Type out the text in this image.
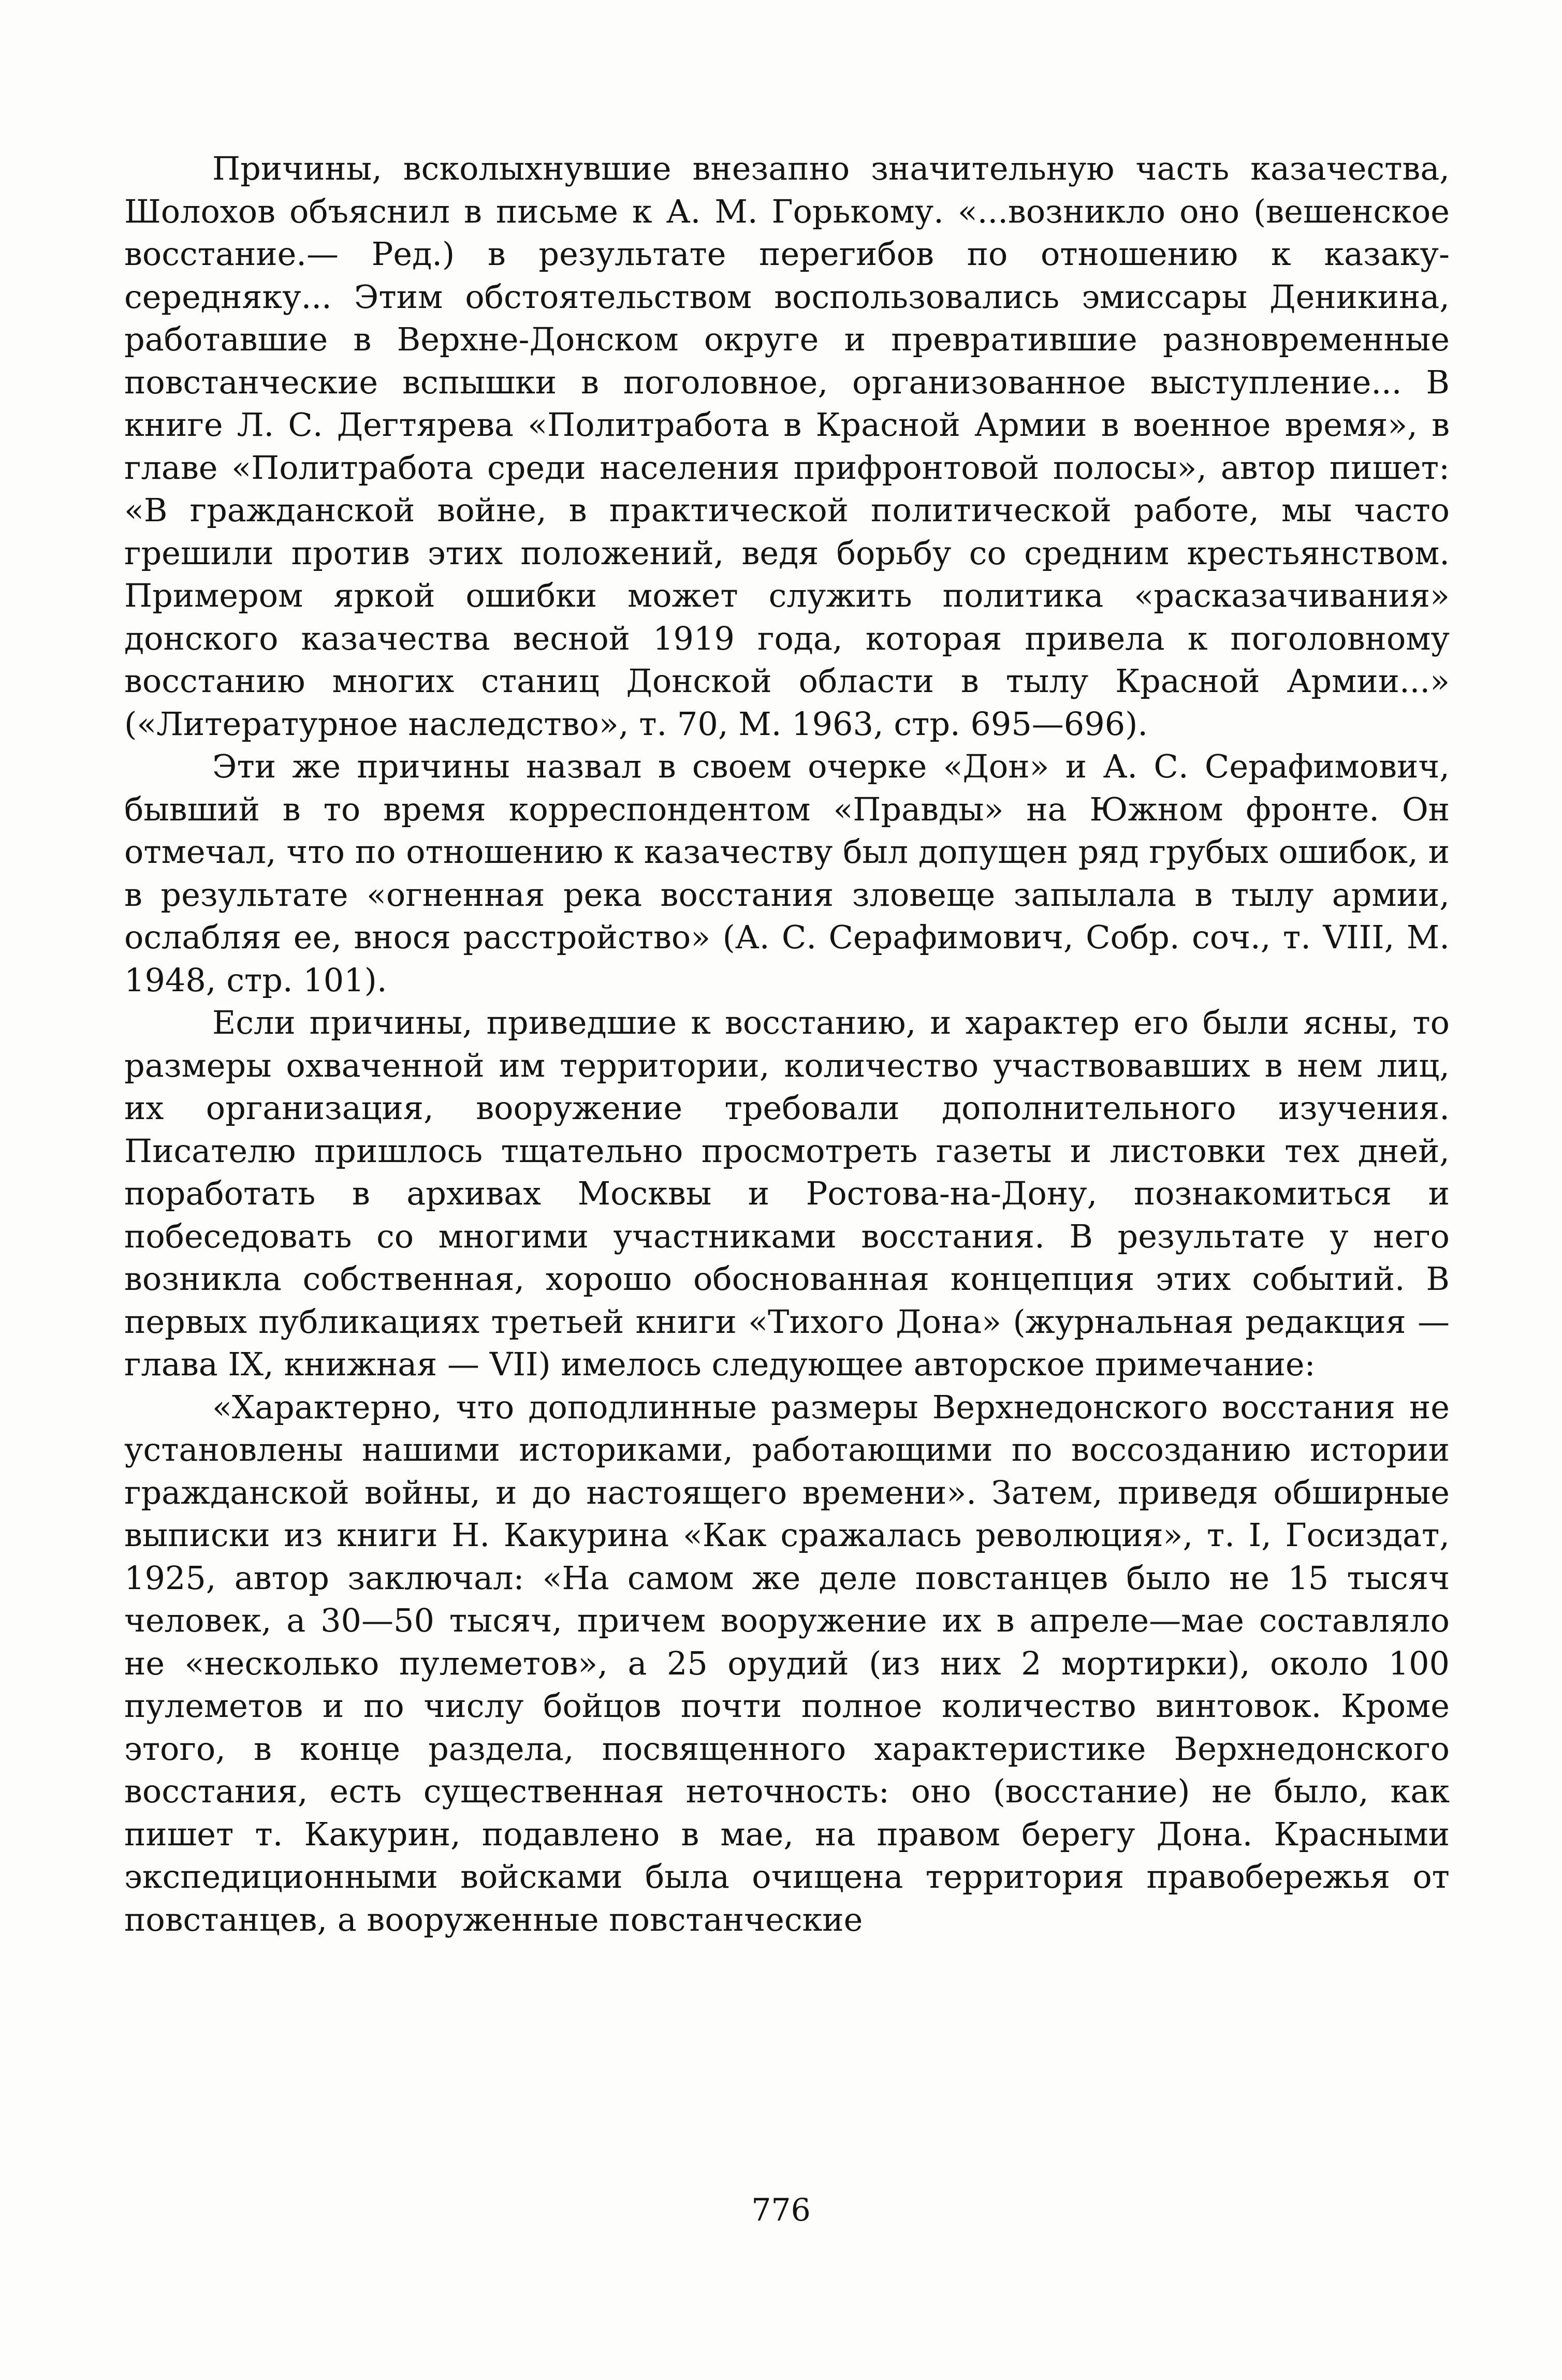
Причины, всколыхнувшие внезапно значительную часть казачества, Шолохов объяснил в письме к А. М. Горькому. «...возникло оно (вешенское восстание.— Ред.) в результате перегибов по отношению к казаку-середняку... Этим обстоятельством воспользовались эмиссары Деникина, работавшие в Верхне-Донском округе и превратившие разновременные повстанческие вспышки в поголовное, организованное выступление... В книге Л. С. Дегтярева «Политработа в Красной Армии в военное время», в главе «Политработа среди населения прифронтовой полосы», автор пишет: «В гражданской войне, в практической политической работе, мы часто грешили против этих положений, ведя борьбу со средним крестьянством. Примером яркой ошибки может служить политика «расказачивания» донского казачества весной 1919 года, которая привела к поголовному восстанию многих станиц Донской области в тылу Красной Армии...» («Литературное наследство», т. 70, М. 1963, стр. 695—696).

Эти же причины назвал в своем очерке «Дон» и А. С. Серафимович, бывший в то время корреспондентом «Правды» на Южном фронте. Он отмечал, что по отношению к казачеству был допущен ряд грубых ошибок, и в результате «огненная река восстания зловеще запылала в тылу армии, ослабляя ее, внося расстройство» (А. С. Серафимович, Собр. соч., т. VIII, М. 1948, стр. 101).

Если причины, приведшие к восстанию, и характер его были ясны, то размеры охваченной им территории, количество участвовавших в нем лиц, их организация, вооружение требовали дополнительного изучения. Писателю пришлось тщательно просмотреть газеты и листовки тех дней, поработать в архивах Москвы и Ростова-на-Дону, познакомиться и побеседовать со многими участниками восстания. В результате у него возникла собственная, хорошо обоснованная концепция этих событий. В первых публикациях третьей книги «Тихого Дона» (журнальная редакция — глава IX, книжная — VII) имелось следующее авторское примечание:

«Характерно, что доподлинные размеры Верхнедонского восстания не установлены нашими историками, работающими по воссозданию истории гражданской войны, и до настоящего времени». Затем, приведя обширные выписки из книги Н. Какурина «Как сражалась революция», т. I, Госиздат, 1925, автор заключал: «На самом же деле повстанцев было не 15 тысяч человек, а 30—50 тысяч, причем вооружение их в апреле—мае составляло не «несколько пулеметов», а 25 орудий (из них 2 мортирки), около 100 пулеметов и по числу бойцов почти полное количество винтовок. Кроме этого, в конце раздела, посвященного характеристике Верхнедонского восстания, есть существенная неточность: оно (восстание) не было, как пишет т. Какурин, подавлено в мае, на правом берегу Дона. Красными экспедиционными войсками была очищена территория правобережья от повстанцев, а вооруженные повстанческие

776
